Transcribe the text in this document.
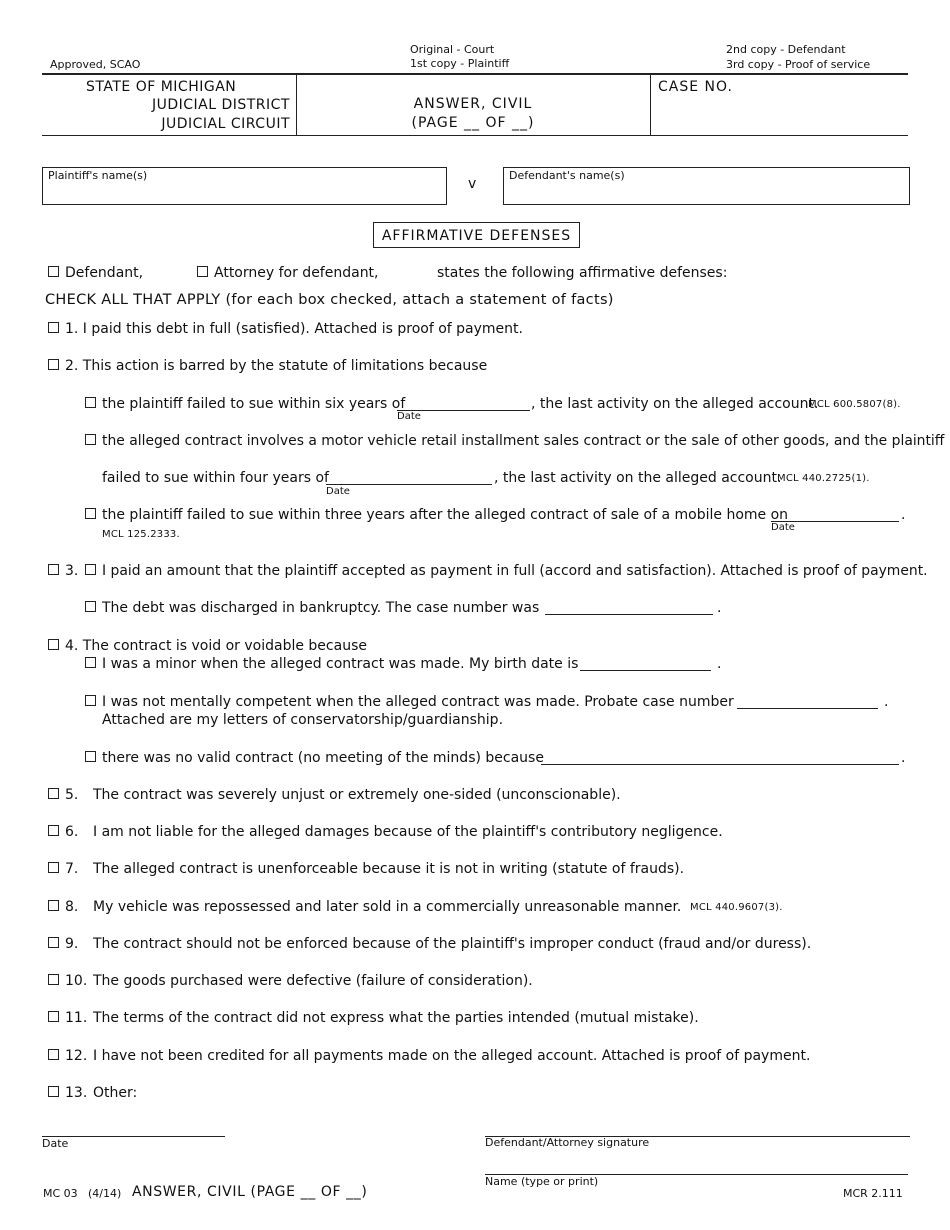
Approved, SCAO
Original - Court
1st copy - Plaintiff
2nd copy - Defendant
3rd copy - Proof of service
STATE OF MICHIGAN
JUDICIAL DISTRICT
JUDICIAL CIRCUIT
ANSWER, CIVIL
(PAGE __ OF __)
CASE NO.
Plaintiff's name(s)
v
Defendant's name(s)
AFFIRMATIVE DEFENSES
Defendant,	Attorney for defendant,	states the following affirmative defenses:
CHECK ALL THAT APPLY (for each box checked, attach a statement of facts)
1. I paid this debt in full (satisfied). Attached is proof of payment.
2. This action is barred by the statute of limitations because
the plaintiff failed to sue within six years of
Date
, the last activity on the alleged account.
MCL 600.5807(8).
the alleged contract involves a motor vehicle retail installment sales contract or the sale of other goods, and the plaintiff
failed to sue within four years of
Date
, the last activity on the alleged account.
MCL 440.2725(1).
the plaintiff failed to sue within three years after the alleged contract of sale of a mobile home on
Date
.
MCL 125.2333.
3. I paid an amount that the plaintiff accepted as payment in full (accord and satisfaction). Attached is proof of payment.
The debt was discharged in bankruptcy. The case number was	.
4. The contract is void or voidable because
I was a minor when the alleged contract was made. My birth date is	.
I was not mentally competent when the alleged contract was made. Probate case number	.
Attached are my letters of conservatorship/guardianship.
there was no valid contract (no meeting of the minds) because	.
5. The contract was severely unjust or extremely one-sided (unconscionable).
6. I am not liable for the alleged damages because of the plaintiff's contributory negligence.
7. The alleged contract is unenforceable because it is not in writing (statute of frauds).
8. My vehicle was repossessed and later sold in a commercially unreasonable manner. MCL 440.9607(3).
9. The contract should not be enforced because of the plaintiff's improper conduct (fraud and/or duress).
10. The goods purchased were defective (failure of consideration).
11. The terms of the contract did not express what the parties intended (mutual mistake).
12. I have not been credited for all payments made on the alleged account. Attached is proof of payment.
13. Other:
Date	Defendant/Attorney signature
Name (type or print)
MC 03 (4/14) ANSWER, CIVIL (PAGE __ OF __)	MCR 2.111
